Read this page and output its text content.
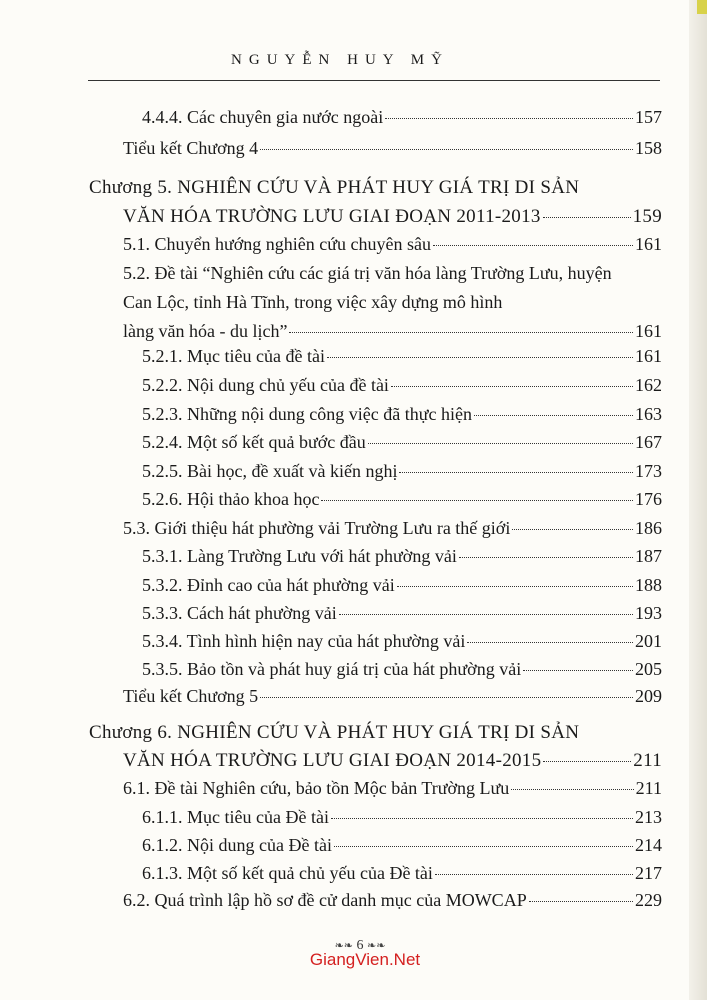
NGUYỄN HUY MỸ
4.4.4. Các chuyên gia nước ngoài	157
Tiểu kết Chương 4	158
Chương 5. NGHIÊN CỨU VÀ PHÁT HUY GIÁ TRỊ DI SẢN
VĂN HÓA TRƯỜNG LƯU GIAI ĐOẠN 2011-2013	159
5.1. Chuyển hướng nghiên cứu chuyên sâu	161
5.2. Đề tài “Nghiên cứu các giá trị văn hóa làng Trường Lưu, huyện
Can Lộc, tỉnh Hà Tĩnh, trong việc xây dựng mô hình
làng văn hóa - du lịch”	161
5.2.1. Mục tiêu của đề tài	161
5.2.2. Nội dung chủ yếu của đề tài	162
5.2.3. Những nội dung công việc đã thực hiện	163
5.2.4. Một số kết quả bước đầu	167
5.2.5. Bài học, đề xuất và kiến nghị	173
5.2.6. Hội thảo khoa học	176
5.3. Giới thiệu hát phường vải Trường Lưu ra thế giới	186
5.3.1. Làng Trường Lưu với hát phường vải	187
5.3.2. Đỉnh cao của hát phường vải	188
5.3.3. Cách hát phường vải	193
5.3.4. Tình hình hiện nay của hát phường vải	201
5.3.5. Bảo tồn và phát huy giá trị của hát phường vải	205
Tiểu kết Chương 5	209
Chương 6. NGHIÊN CỨU VÀ PHÁT HUY GIÁ TRỊ DI SẢN
VĂN HÓA TRƯỜNG LƯU GIAI ĐOẠN 2014-2015	211
6.1. Đề tài Nghiên cứu, bảo tồn Mộc bản Trường Lưu	211
6.1.1. Mục tiêu của Đề tài	213
6.1.2. Nội dung của Đề tài	214
6.1.3. Một số kết quả chủ yếu của Đề tài	217
6.2. Quá trình lập hồ sơ đề cử danh mục của MOWCAP	229
❧❧ 6 ❧❧
GiangVien.Net
